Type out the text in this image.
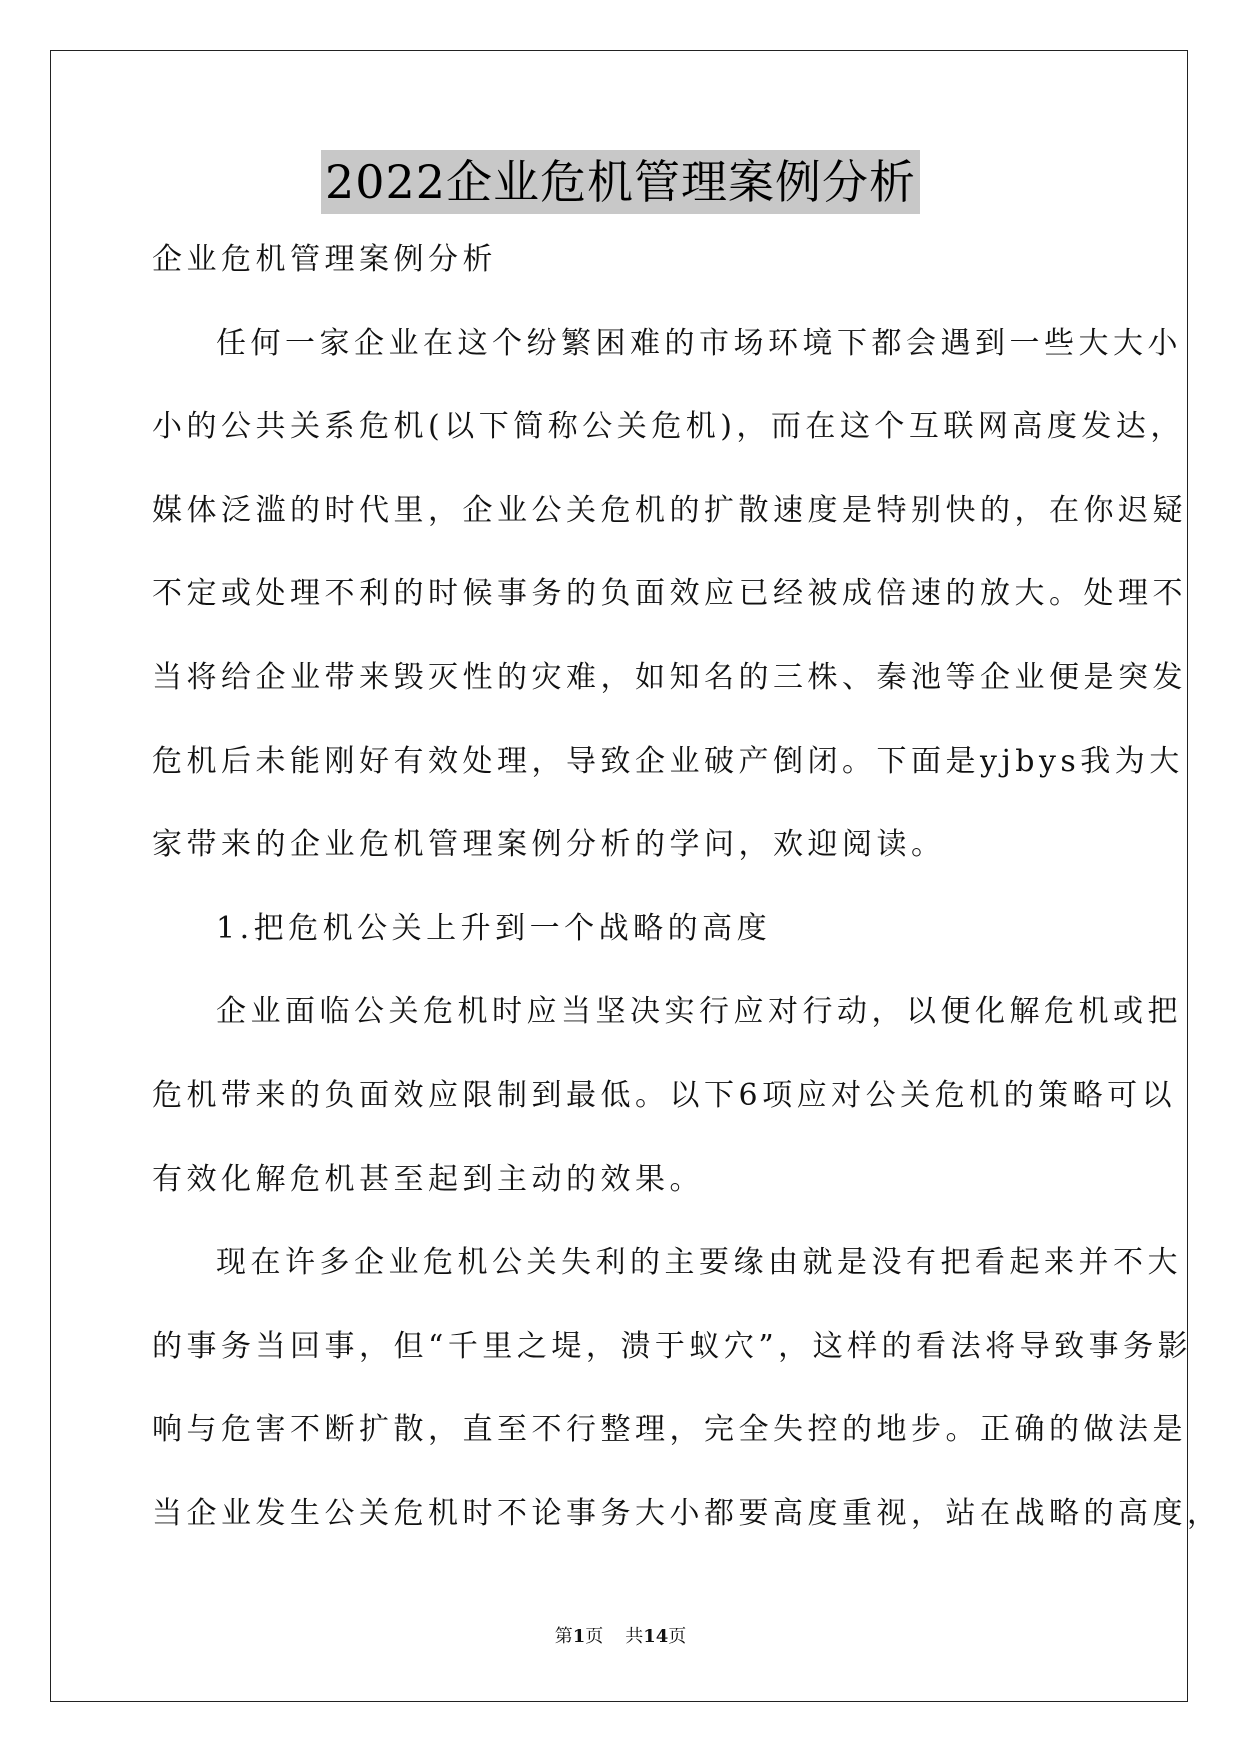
2022企业危机管理案例分析
企业危机管理案例分析
任何一家企业在这个纷繁困难的市场环境下都会遇到一些大大小
小的公共关系危机(以下简称公关危机)，而在这个互联网高度发达，
媒体泛滥的时代里，企业公关危机的扩散速度是特别快的，在你迟疑
不定或处理不利的时候事务的负面效应已经被成倍速的放大。处理不
当将给企业带来毁灭性的灾难，如知名的三株、秦池等企业便是突发
危机后未能刚好有效处理，导致企业破产倒闭。下面是yjbys我为大
家带来的企业危机管理案例分析的学问，欢迎阅读。
1.把危机公关上升到一个战略的高度
企业面临公关危机时应当坚决实行应对行动，以便化解危机或把
危机带来的负面效应限制到最低。以下6项应对公关危机的策略可以
有效化解危机甚至起到主动的效果。
现在许多企业危机公关失利的主要缘由就是没有把看起来并不大
的事务当回事，但“千里之堤，溃于蚁穴”，这样的看法将导致事务影
响与危害不断扩散，直至不行整理，完全失控的地步。正确的做法是
当企业发生公关危机时不论事务大小都要高度重视，站在战略的高度，
第1页 共14页
